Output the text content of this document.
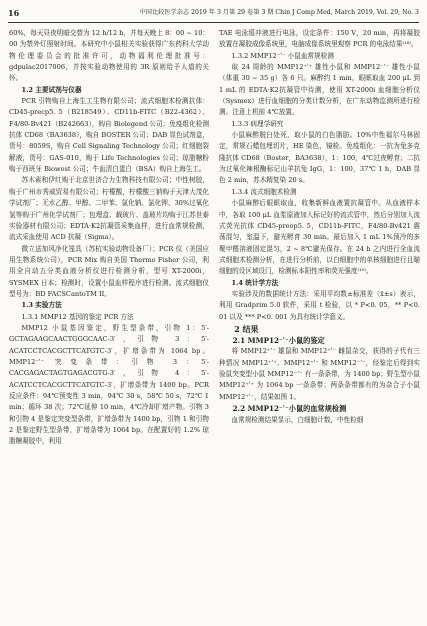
16	中国比较医学杂志 2019 年 3 月第 29 卷第 3 期 Chin J Comp Med, March 2019, Vol. 29, No. 3

60%，每天昼夜明暗交替为 12 h/12 h，并每天晚上 8：00 ~ 10：00 为禁外灯照射时间。本研究中小鼠相关实验获得广东药科大学动物伦理委员会的批准许可，动物福利伦理批准号：gdpulac2017006，并按实验动物使用的 3R 原则给予人道的关怀。

1.2 主要试剂与仪器

PCR 引物购自上海生工生物有限公司；流式细胞术检测抗体：CD45-precp5. 5（B218549）、CD11b-FITC（B22-4362）、F4/80-Bv421（B242663），购自 Biolegend 公司；免疫组化检测抗体 CD68（BA3638），购自 BOSTER 公司；DAB 显色试剂盒，货号：8059S，购自 Cell Signaling Technology 公司；红细胞裂解液，货号：GAS-010，购于 Life Technologies 公司；琼脂糖粉购于西班牙 Biowest 公司；牛血清白蛋白（BSA）购自上海生工。

苏木素和伊红购于北京世济合力生物科技有限公司；中性树胶，购于广州市秀威贸易有限公司；柠檬酸，柠檬酸三钠购于天津大茂化学试剂厂；无水乙醇、甲醇、二甲苯、氯化钠、氯化钾、30%过氧化氢等购于广州化学试剂厂；包埋盒、载玻片、盖玻片均购于江苏世泰实验器材有限公司；EDTA·K2抗凝管采集血样，进行血常规检测，流式采血使用 ACD 抗凝（Sigma）。

微立送加风净化笼具（苏杭实验动物设备厂）；PCR 仪（美国应用生物系统公司），PCR Mix 购自美国 Thermo Fisher 公司，利用全自动五分类血液分析仪进行检测分析，型号 XT-2000i，SYSMEX 日本；检测时，设置小鼠血样程序进行检测。流式细胞仪型号为：BD FACSCantoTM II。

1.3 实验方法

1.3.1 MMP12 基因的鉴定 PCR 方法

MMP12 小鼠基因鉴定，野生型条带，引物 1：5′-GCTAGAAGCAACTGGGCAAC-3′，引物 3：5′-ACATCCTCACGCTTCATGTC-3′，扩增条带为 1064 bp。MMP12⁻ʹ⁻ 突变条带：引物 3：5′-CACGAGACTAGTGAGACGTG-3′，引物 4：5′-ACATCCTCACGCTTCATGTC-3′，扩增条带为 1400 bp。PCR 反应条件：94℃预变性 3 min，94℃ 30 s，58℃ 50 s，72℃ 1 min；循环 38 次；72℃延伸 10 min，4℃冷却扩增产物。引物 3 和引物 4 是鉴定突变型条带，扩增条带为 1400 bp，引物 1 和引物 2 是鉴定野生型条带，扩增条带为 1064 bp。在配置好的 1.2% 琼脂糖凝胶中，利用

TAE 电泳缓冲液进行电泳，设定条件：150 V，20 min，再将凝胶放置在凝胶成像系统里，电脑成像系统里观察 PCR 的电泳结果⁽¹⁸⁾。

1.3.2 MMP12⁻ʹ⁻ 小鼠血常规检测

取 24 周龄的 MMP12⁺ʹ⁺ 雄性小鼠和 MMP12⁻ʹ⁻ 雄性小鼠（体重 30 ~ 35 g）各 6 只。麻醉约 1 min，眼眶取血 200 μL 到 1 mL 的 EDTA·K2抗凝管中待测，使用 XT-2000i 血细胞分析仪（Sysmex）进行血细胞的分类计数分析，在广东动物监测所进行检测。注意上机前 4℃放置。

1.3.3 病理学研究

小鼠麻醉脱臼处死，取小鼠的白色脂肪。10%中性福尔马林固定，常规石蜡包埋切片，HE 染色，镜检。免疫组化：一抗为兔多克隆抗体 CD68（Boster，BA3638），1：100，4℃过夜孵育；二抗为过氧化辣根酶标记山羊抗兔 IgG，1：100，37℃ 1 h，DAB 显色 2 min，苏木精复染 20 s。

1.3.4 流式细胞术检测

小鼠麻醉后眼眶取血，收集新鲜血液置抗凝管中。从血液样本中，各取 100 μL 血浆原液加入标记好的流式管中，然后分别加入流式荧光抗体 CD45-preop5. 5，CD11b-FITC，F4/80-Bv421 震荡混匀，室温下，避光孵育 30 min。最后加入 1 mL 1%预冷的多聚甲醛溶液固定混匀，2 ~ 8℃避光保存。在 24 h 之内进行全血流式细胞术检测分析，在进行分析前，以白细胞中的单核细胞进行且瞄细胞的设区域设门，检测标本阳性率和荧光强度⁽¹⁹⁾。

1.4 统计学方法

实验涉及的数据统计方法：采用平均数±标准差（x̄±s）表示，利用 Gradprim 5.0 软件，采用 t 检验，以 * P<0. 05，** P<0. 01 以及 *** P<0. 001 为具有统计学意义。

2 结果

2.1 MMP12⁻ʹ⁻小鼠的鉴定

将 MMP12⁺ʹ⁻ 雄鼠和 MMP12⁺ʹ⁻ 雌鼠杂交，获得的子代有三种情况 MMP12⁺ʹ⁺、MMP12⁺ʹ⁻ 和 MMP12⁻ʹ⁻，经鉴定后得到实验鼠突变型小鼠 MMP12⁻ʹ⁻ 有一条条带，为 1400 bp；野生型小鼠 MMP12⁺ʹ⁺ 为 1064 bp 一条条带；两条条带都有的为杂合子小鼠 MMP12⁺ʹ⁻，结果如图 1。

2.2 MMP12⁻ʹ⁻小鼠的血常规检测

血常规检测结果显示，白细胞计数，中性粒细
